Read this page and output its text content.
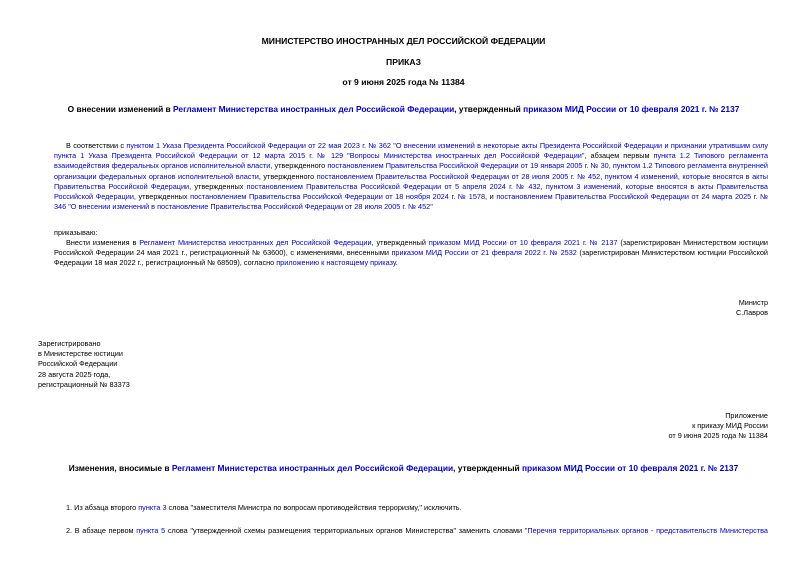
МИНИСТЕРСТВО ИНОСТРАННЫХ ДЕЛ РОССИЙСКОЙ ФЕДЕРАЦИИ
ПРИКАЗ
от 9 июня 2025 года № 11384
О внесении изменений в Регламент Министерства иностранных дел Российской Федерации, утвержденный приказом МИД России от 10 февраля 2021 г. № 2137
В соответствии с пунктом 1 Указа Президента Российской Федерации от 22 мая 2023 г. № 362 "О внесении изменений в некоторые акты Президента Российской Федерации и признании утратившим силу пункта 1 Указа Президента Российской Федерации от 12 марта 2015 г. № 129 "Вопросы Министерства иностранных дел Российской Федерации", абзацем первым пункта 1.2 Типового регламента взаимодействия федеральных органов исполнительной власти, утвержденного постановлением Правительства Российской Федерации от 19 января 2005 г. № 30, пунктом 1.2 Типового регламента внутренней организации федеральных органов исполнительной власти, утвержденного постановлением Правительства Российской Федерации от 28 июля 2005 г. № 452, пунктом 4 изменений, которые вносятся в акты Правительства Российской Федерации, утвержденных постановлением Правительства Российской Федерации от 5 апреля 2024 г. № 432, пунктом 3 изменений, которые вносятся в акты Правительства Российской Федерации, утвержденных постановлением Правительства Российской Федерации от 18 ноября 2024 г. № 1578, и постановлением Правительства Российской Федерации от 24 марта 2025 г. № 346 "О внесении изменений в постановление Правительства Российской Федерации от 28 июля 2005 г. № 452"
приказываю:
Внести изменения в Регламент Министерства иностранных дел Российской Федерации, утвержденный приказом МИД России от 10 февраля 2021 г. № 2137 (зарегистрирован Министерством юстиции Российской Федерации 24 мая 2021 г., регистрационный № 63600), с изменениями, внесенными приказом МИД России от 21 февраля 2022 г. № 2532 (зарегистрирован Министерством юстиции Российской Федерации 18 мая 2022 г., регистрационный № 68509), согласно приложению к настоящему приказу.
Министр
С.Лавров
Зарегистрировано
в Министерстве юстиции
Российской Федерации
28 августа 2025 года,
регистрационный № 83373
Приложение
к приказу МИД России
от 9 июня 2025 года № 11384
Изменения, вносимые в Регламент Министерства иностранных дел Российской Федерации, утвержденный приказом МИД России от 10 февраля 2021 г. № 2137
1. Из абзаца второго пункта 3 слова "заместителя Министра по вопросам противодействия терроризму," исключить.
2. В абзаце первом пункта 5 слова "утвержденной схемы размещения территориальных органов Министерства" заменить словами "Перечня территориальных органов - представительств Министерства
